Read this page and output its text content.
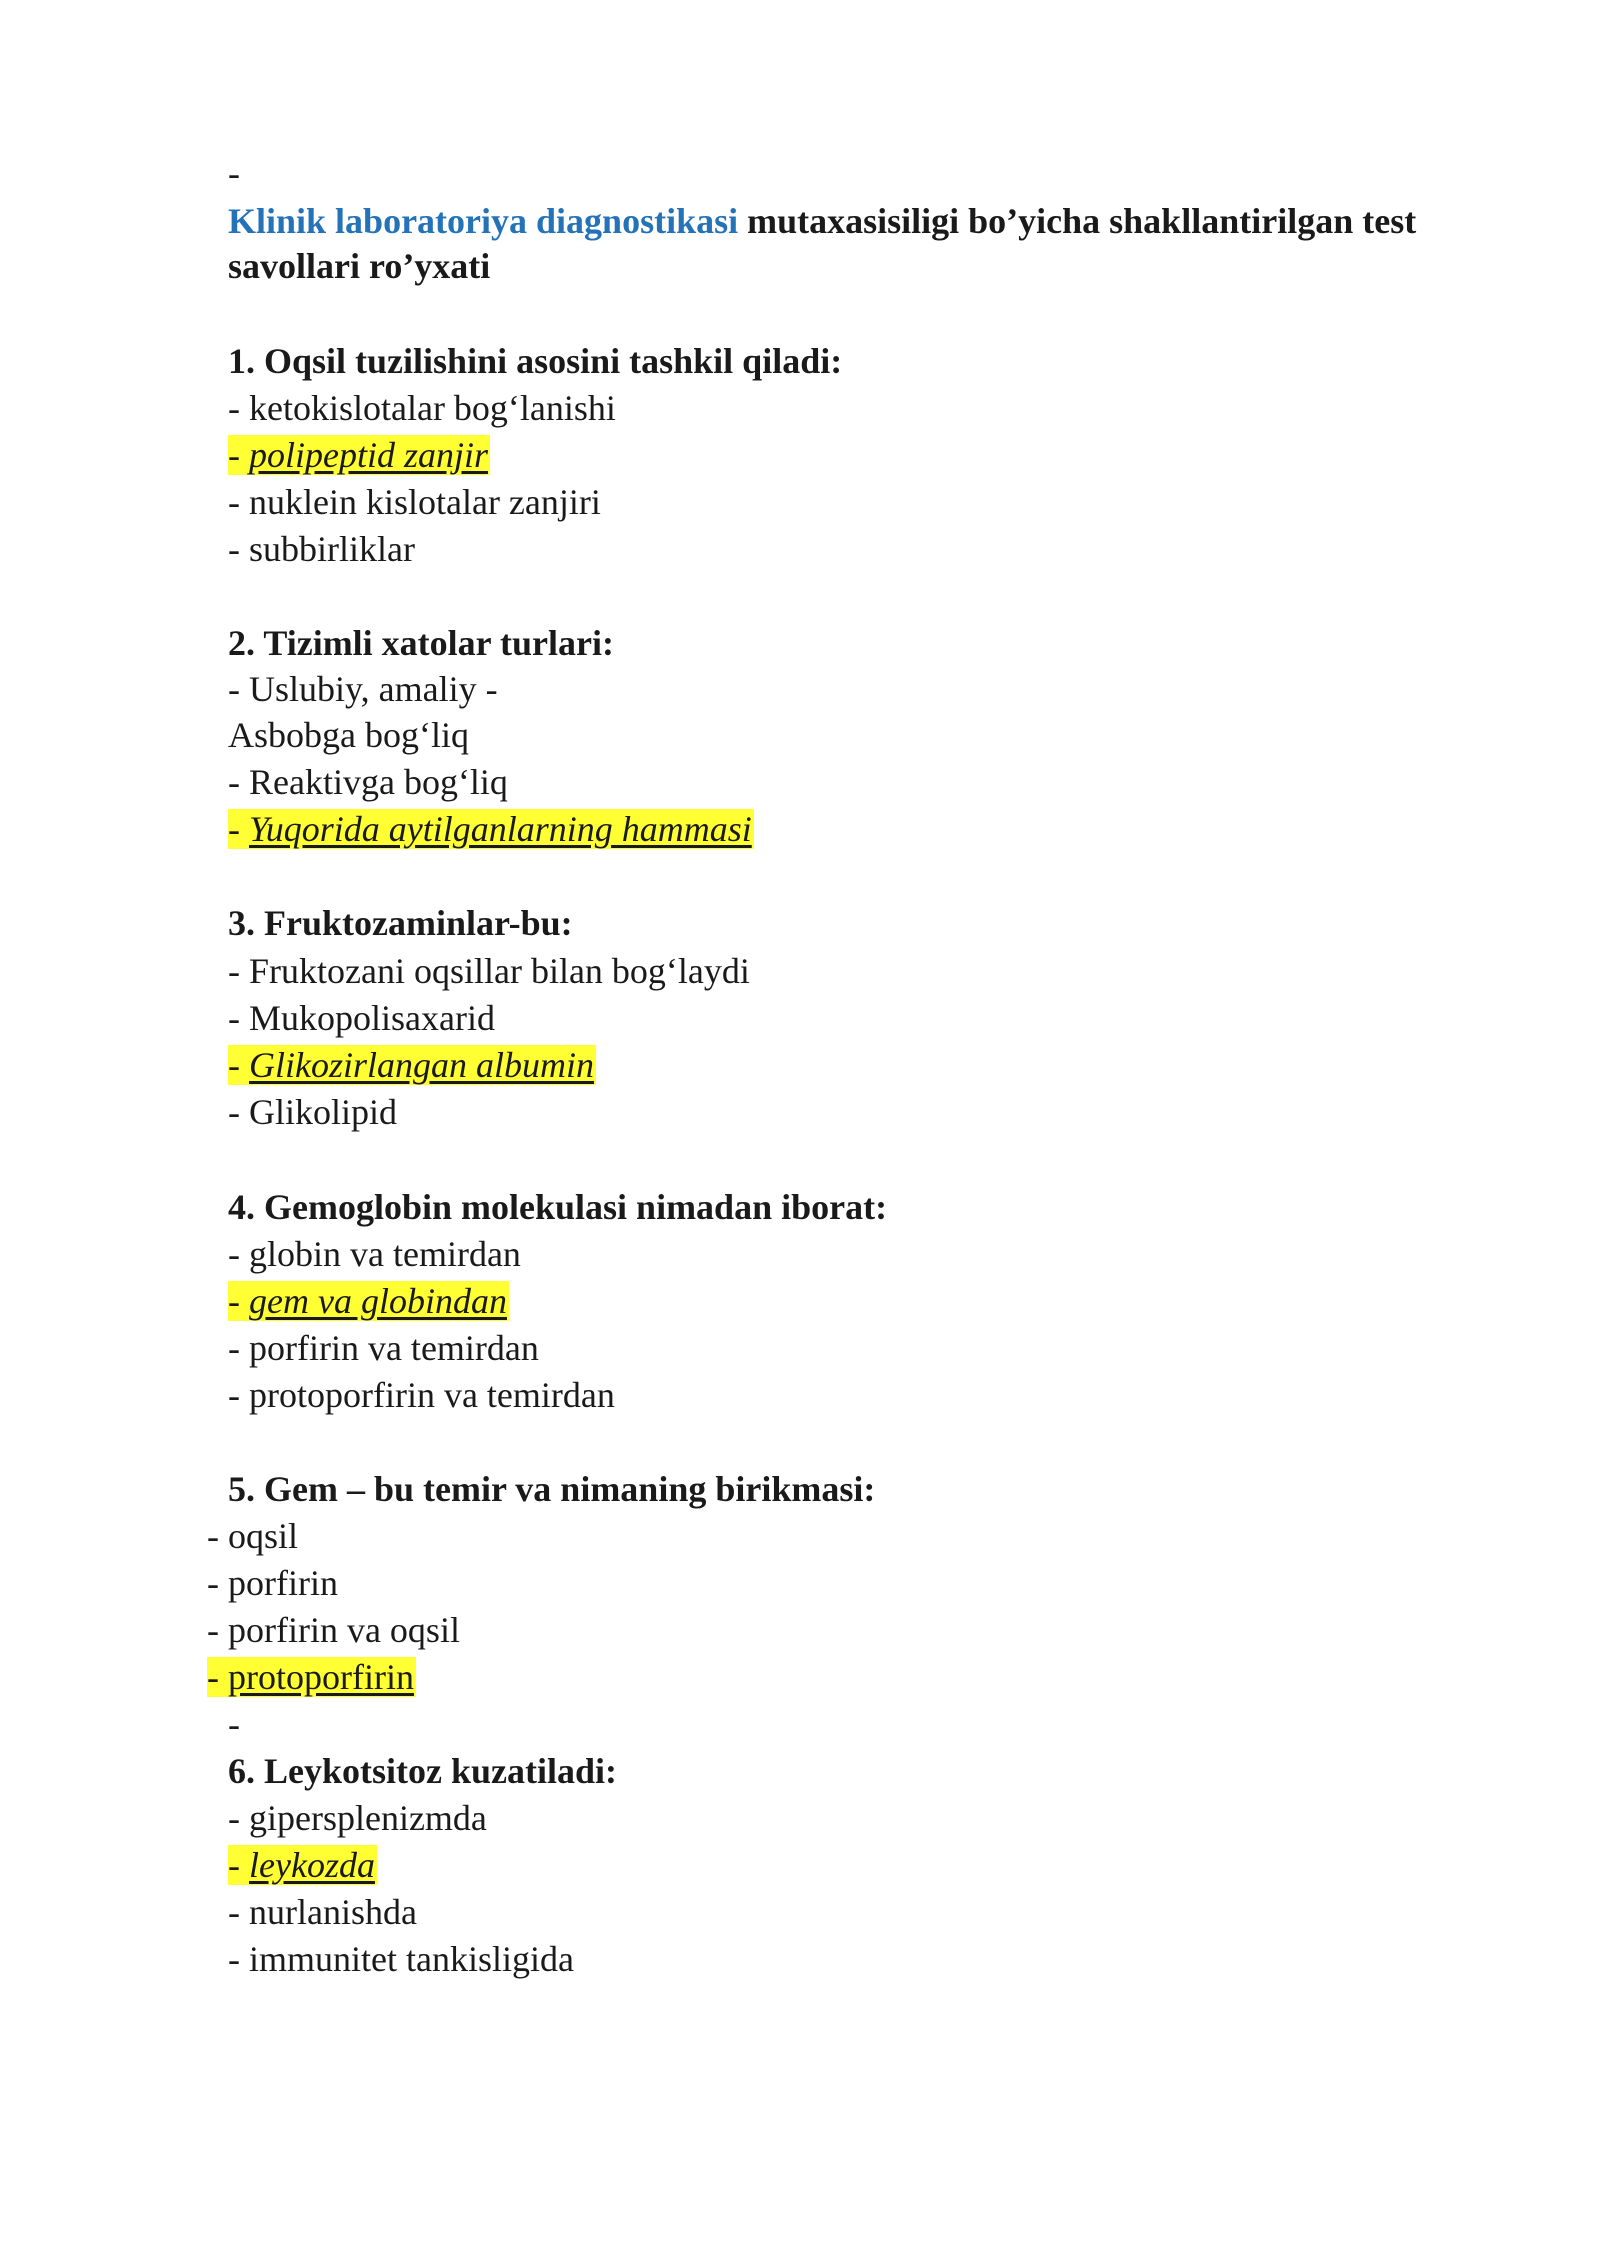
-
Klinik laboratoriya diagnostikasi mutaxasisiligi bo’yicha shakllantirilgan test
savollari ro’yxati
1. Oqsil tuzilishini asosini tashkil qiladi:
- ketokislotalar bog‘lanishi
- polipeptid zanjir
- nuklein kislotalar zanjiri
- subbirliklar
2. Tizimli xatolar turlari:
- Uslubiy, amaliy -
Asbobga bog‘liq
- Reaktivga bog‘liq
- Yuqorida aytilganlarning hammasi
3. Fruktozaminlar-bu:
- Fruktozani oqsillar bilan bog‘laydi
- Mukopolisaxarid
- Glikozirlangan albumin
- Glikolipid
4. Gemoglobin molekulasi nimadan iborat:
- globin va temirdan
- gem va globindan
- porfirin va temirdan
- protoporfirin va temirdan
5. Gem – bu temir va nimaning birikmasi:
- oqsil
- porfirin
- porfirin va oqsil
- protoporfirin
-
6. Leykotsitoz kuzatiladi:
- gipersplenizmda
- leykozda
- nurlanishda
- immunitet tankisligida
